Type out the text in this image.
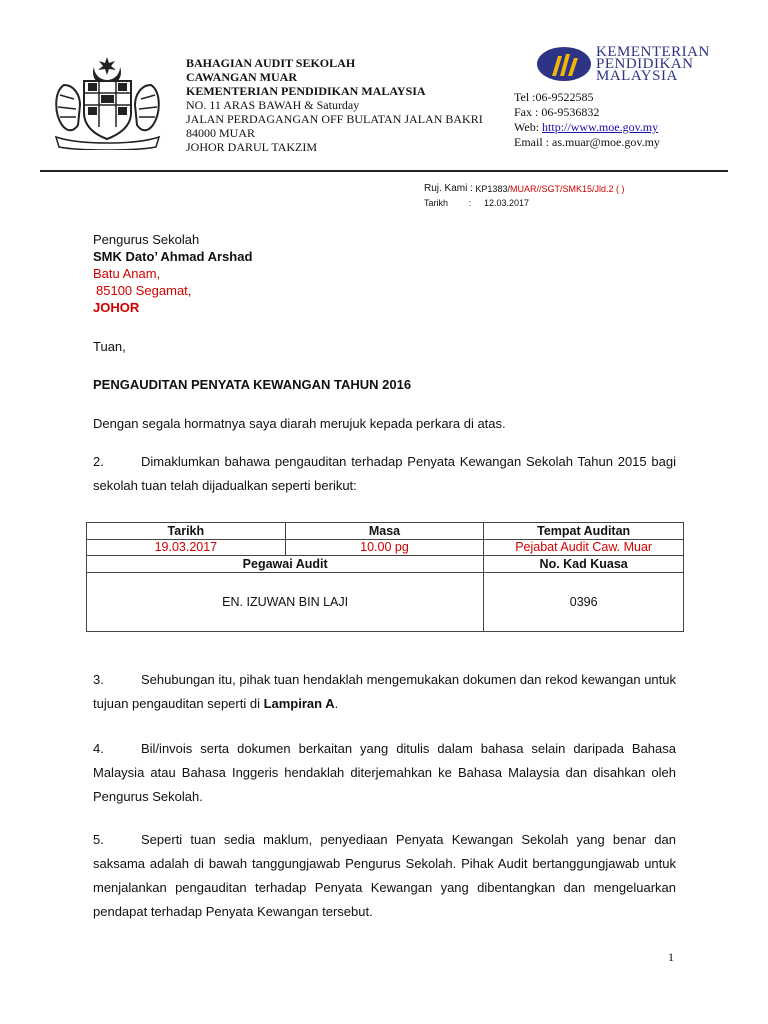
BAHAGIAN AUDIT SEKOLAH
CAWANGAN MUAR
KEMENTERIAN PENDIDIKAN MALAYSIA
NO. 11 ARAS BAWAH & Saturday
JALAN PERDAGANGAN OFF BULATAN JALAN BAKRI
84000 MUAR
JOHOR DARUL TAKZIM
KEMENTERIAN
PENDIDIKAN
MALAYSIA
Tel :06-9522585
Fax : 06-9536832
Web: http://www.moe.gov.my
Email : as.muar@moe.gov.my
Ruj. Kami :
KP1383/ MUAR//SGT/SMK15/Jld.2 ( )
Tarikh	:	12.03.2017
Pengurus Sekolah
SMK Dato’ Ahmad Arshad
Batu Anam,
85100 Segamat,
JOHOR
Tuan,
PENGAUDITAN PENYATA KEWANGAN TAHUN 2016
Dengan segala hormatnya saya diarah merujuk kepada perkara di atas.
2.	Dimaklumkan bahawa pengauditan terhadap Penyata Kewangan Sekolah Tahun 2015 bagi sekolah tuan telah dijadualkan seperti berikut:
Tarikh	Masa	Tempat Auditan
19.03.2017	10.00 pg	Pejabat Audit Caw. Muar
Pegawai Audit		No. Kad Kuasa
EN. IZUWAN BIN LAJI		0396
3.	Sehubungan itu, pihak tuan hendaklah mengemukakan dokumen dan rekod kewangan untuk tujuan pengauditan seperti di Lampiran A.
4.	Bil/invois serta dokumen berkaitan yang ditulis dalam bahasa selain daripada Bahasa Malaysia atau Bahasa Inggeris hendaklah diterjemahkan ke Bahasa Malaysia dan disahkan oleh Pengurus Sekolah.
5.	Seperti tuan sedia maklum, penyediaan Penyata Kewangan Sekolah yang benar dan saksama adalah di bawah tanggungjawab Pengurus Sekolah. Pihak Audit bertanggungjawab untuk menjalankan pengauditan terhadap Penyata Kewangan yang dibentangkan dan mengeluarkan pendapat terhadap Penyata Kewangan tersebut.
1
